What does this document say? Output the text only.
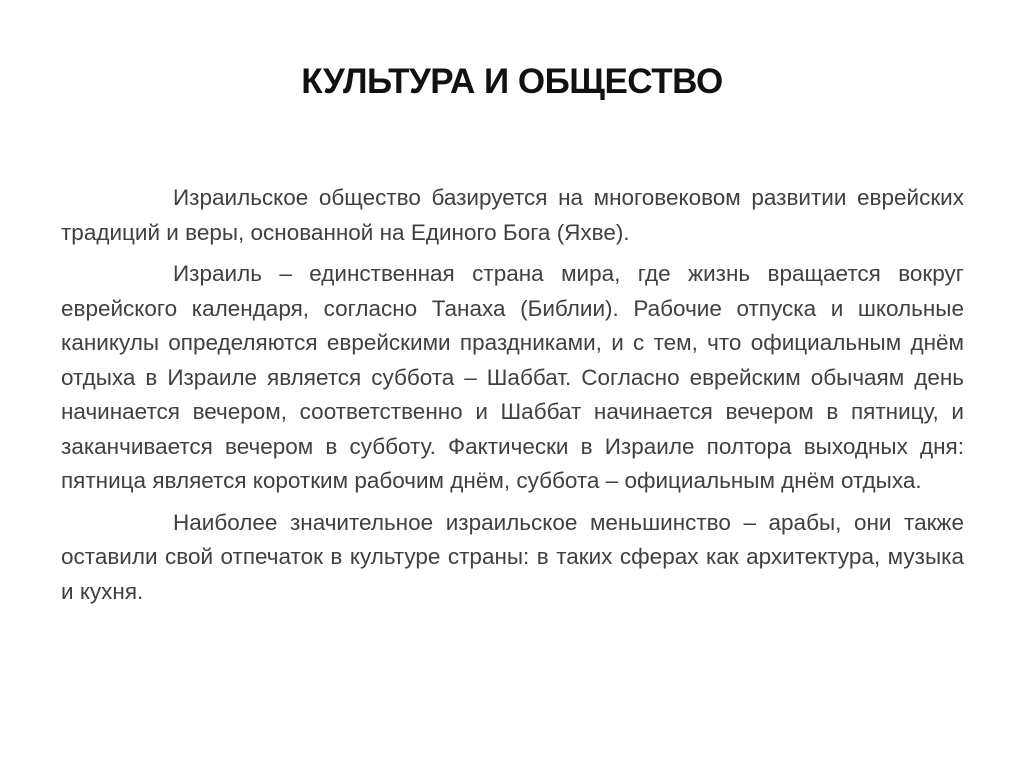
КУЛЬТУРА И ОБЩЕСТВО

Израильское общество базируется на многовековом развитии еврейских традиций и веры, основанной на Единого Бога (Яхве).

Израиль – единственная страна мира, где жизнь вращается вокруг еврейского календаря, согласно Танаха (Библии). Рабочие отпуска и школьные каникулы определяются еврейскими праздниками, и с тем, что официальным днём отдыха в Израиле является суббота – Шаббат. Согласно еврейским обычаям день начинается вечером, соответственно и Шаббат начинается вечером в пятницу, и заканчивается вечером в субботу. Фактически в Израиле полтора выходных дня: пятница является коротким рабочим днём, суббота – официальным днём отдыха.

Наиболее значительное израильское меньшинство – арабы, они также оставили свой отпечаток в культуре страны: в таких сферах как архитектура, музыка и кухня.
